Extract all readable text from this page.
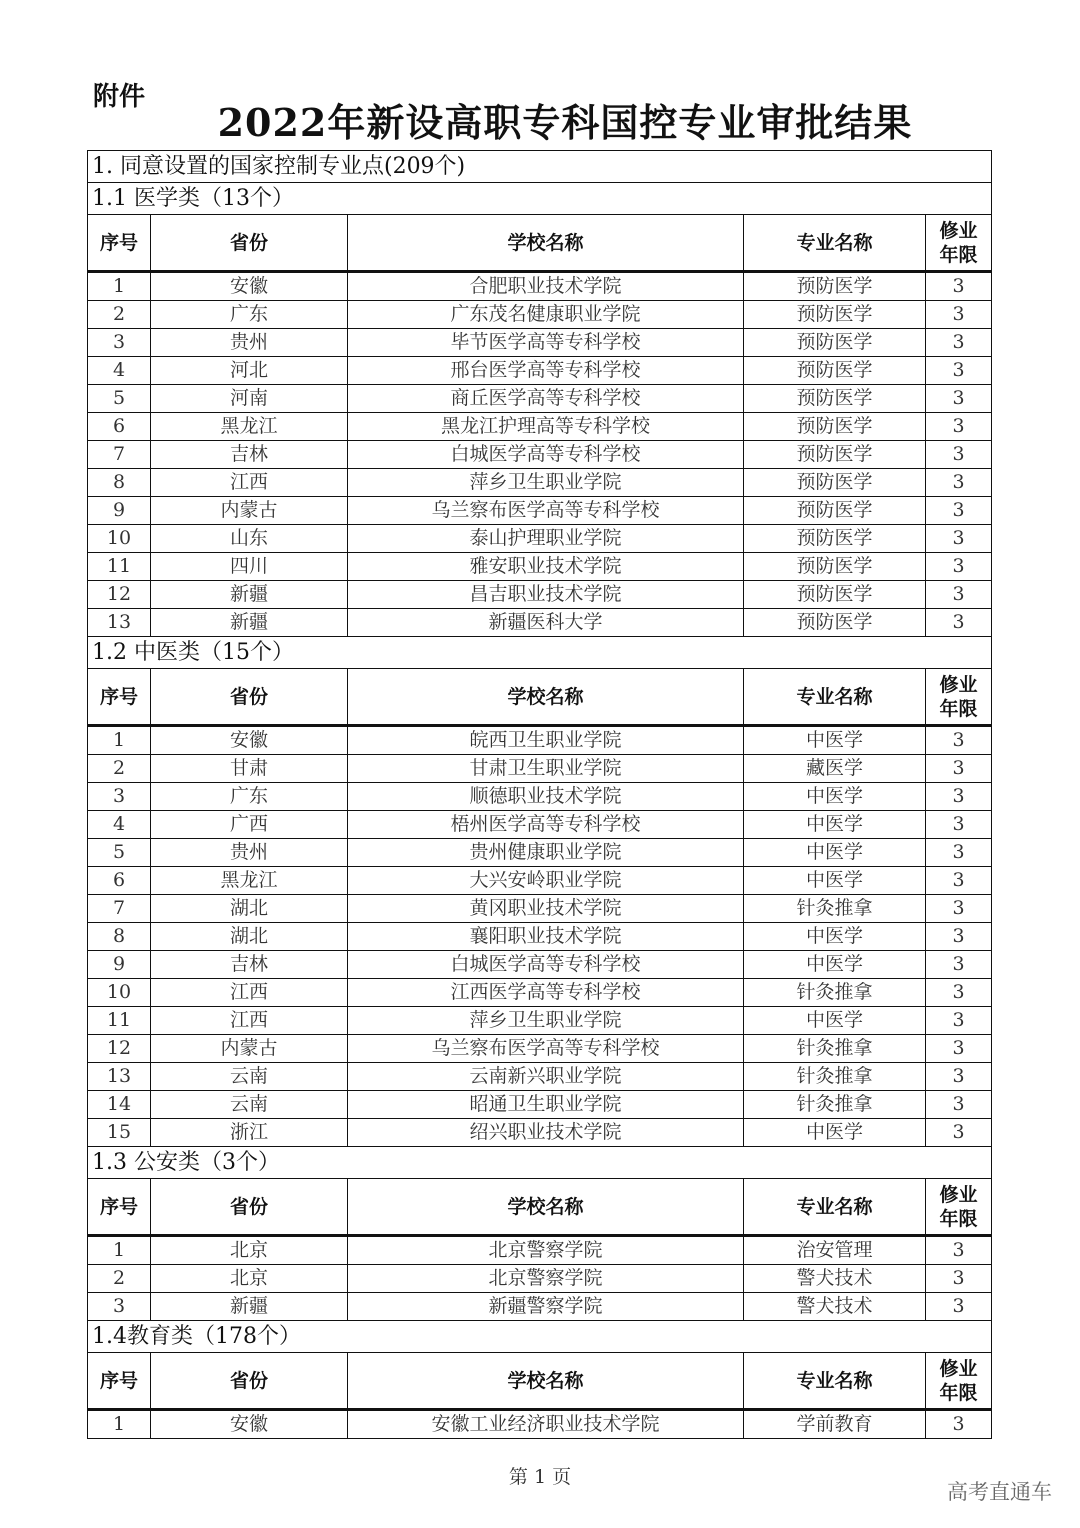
附件
2022年新设高职专科国控专业审批结果
1. 同意设置的国家控制专业点(209个)				
1.1 医学类（13个）				
序号	省份	学校名称	专业名称	修业
年限
1	安徽	合肥职业技术学院	预防医学	3
2	广东	广东茂名健康职业学院	预防医学	3
3	贵州	毕节医学高等专科学校	预防医学	3
4	河北	邢台医学高等专科学校	预防医学	3
5	河南	商丘医学高等专科学校	预防医学	3
6	黑龙江	黑龙江护理高等专科学校	预防医学	3
7	吉林	白城医学高等专科学校	预防医学	3
8	江西	萍乡卫生职业学院	预防医学	3
9	内蒙古	乌兰察布医学高等专科学校	预防医学	3
10	山东	泰山护理职业学院	预防医学	3
11	四川	雅安职业技术学院	预防医学	3
12	新疆	昌吉职业技术学院	预防医学	3
13	新疆	新疆医科大学	预防医学	3
1.2 中医类（15个）				
序号	省份	学校名称	专业名称	修业
年限
1	安徽	皖西卫生职业学院	中医学	3
2	甘肃	甘肃卫生职业学院	藏医学	3
3	广东	顺德职业技术学院	中医学	3
4	广西	梧州医学高等专科学校	中医学	3
5	贵州	贵州健康职业学院	中医学	3
6	黑龙江	大兴安岭职业学院	中医学	3
7	湖北	黄冈职业技术学院	针灸推拿	3
8	湖北	襄阳职业技术学院	中医学	3
9	吉林	白城医学高等专科学校	中医学	3
10	江西	江西医学高等专科学校	针灸推拿	3
11	江西	萍乡卫生职业学院	中医学	3
12	内蒙古	乌兰察布医学高等专科学校	针灸推拿	3
13	云南	云南新兴职业学院	针灸推拿	3
14	云南	昭通卫生职业学院	针灸推拿	3
15	浙江	绍兴职业技术学院	中医学	3
1.3 公安类（3个）				
序号	省份	学校名称	专业名称	修业
年限
1	北京	北京警察学院	治安管理	3
2	北京	北京警察学院	警犬技术	3
3	新疆	新疆警察学院	警犬技术	3
1.4教育类（178个）				
序号	省份	学校名称	专业名称	修业
年限
1	安徽	安徽工业经济职业技术学院	学前教育	3
第 1 页
高考直通车
